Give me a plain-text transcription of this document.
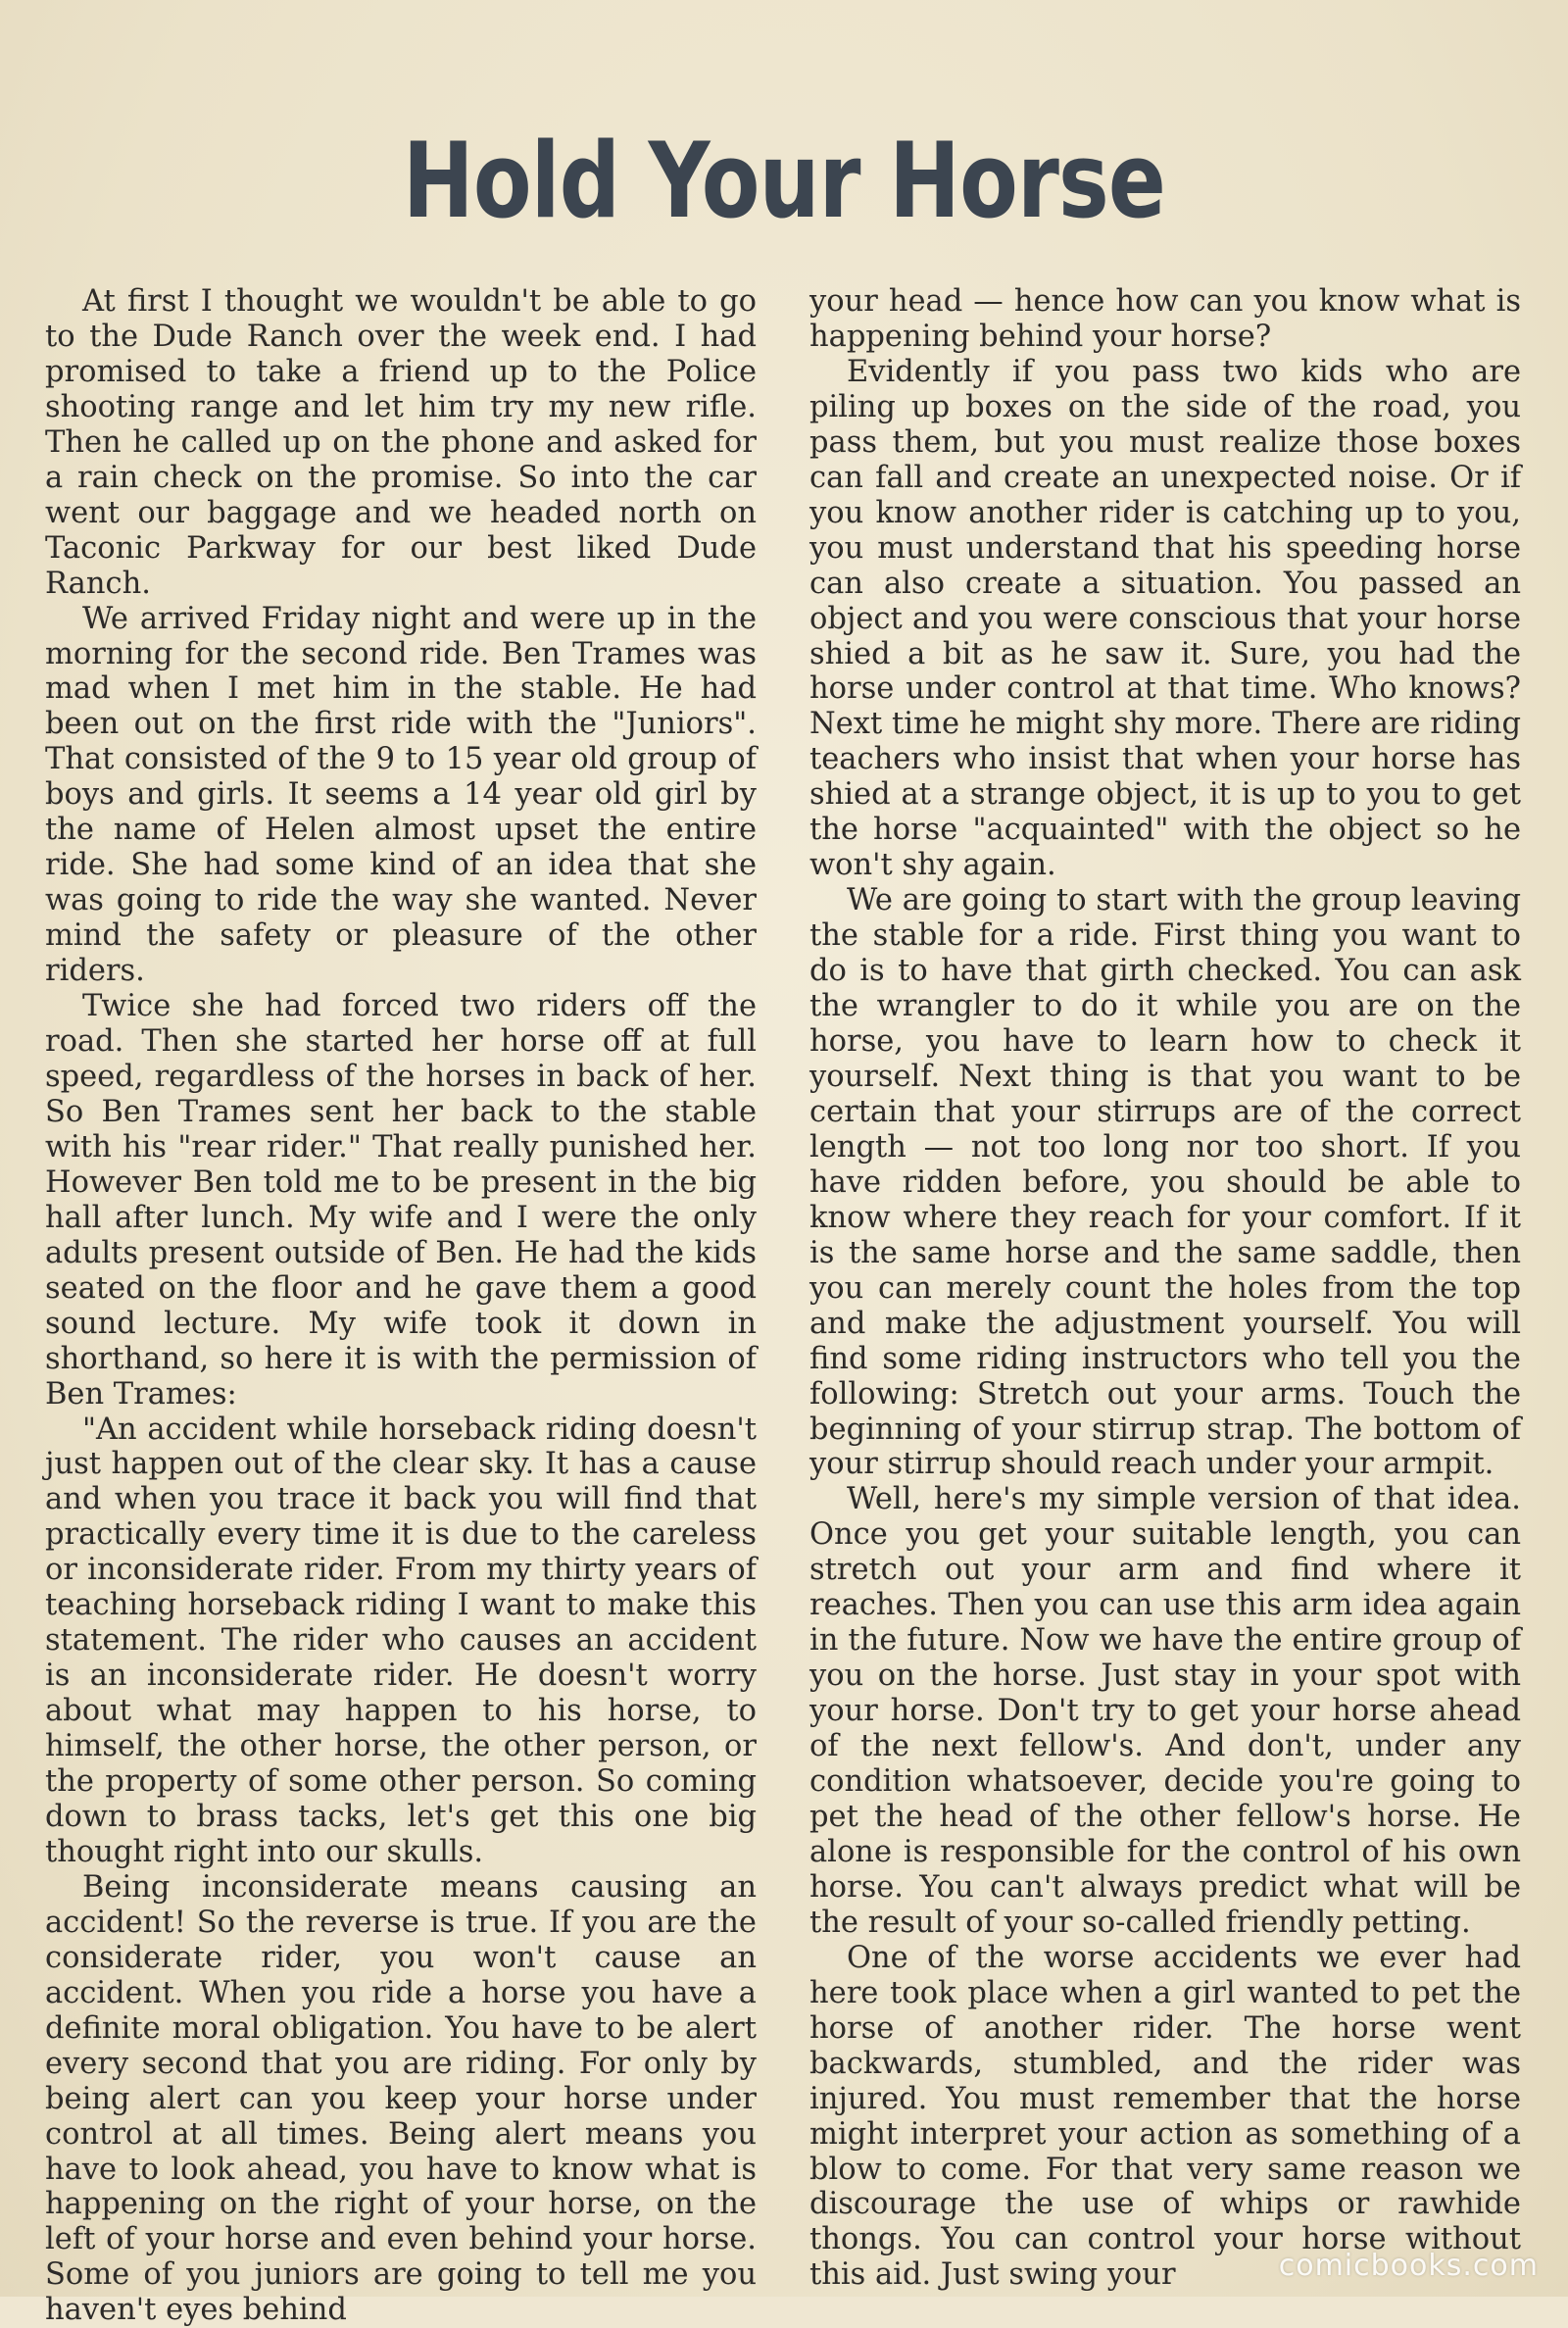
Hold Your Horse

At first I thought we wouldn't be able to go to the Dude Ranch over the week end. I had promised to take a friend up to the Police shooting range and let him try my new rifle. Then he called up on the phone and asked for a rain check on the promise. So into the car went our baggage and we headed north on Taconic Parkway for our best liked Dude Ranch.

We arrived Friday night and were up in the morning for the second ride. Ben Trames was mad when I met him in the stable. He had been out on the first ride with the "Juniors". That consisted of the 9 to 15 year old group of boys and girls. It seems a 14 year old girl by the name of Helen almost upset the entire ride. She had some kind of an idea that she was going to ride the way she wanted. Never mind the safety or pleasure of the other riders.

Twice she had forced two riders off the road. Then she started her horse off at full speed, regardless of the horses in back of her. So Ben Trames sent her back to the stable with his "rear rider." That really punished her. However Ben told me to be present in the big hall after lunch. My wife and I were the only adults present outside of Ben. He had the kids seated on the floor and he gave them a good sound lecture. My wife took it down in shorthand, so here it is with the permission of Ben Trames:

"An accident while horseback riding doesn't just happen out of the clear sky. It has a cause and when you trace it back you will find that practically every time it is due to the careless or inconsiderate rider. From my thirty years of teaching horseback riding I want to make this statement. The rider who causes an accident is an inconsiderate rider. He doesn't worry about what may happen to his horse, to himself, the other horse, the other person, or the property of some other person. So coming down to brass tacks, let's get this one big thought right into our skulls.

Being inconsiderate means causing an accident! So the reverse is true. If you are the considerate rider, you won't cause an accident. When you ride a horse you have a definite moral obligation. You have to be alert every second that you are riding. For only by being alert can you keep your horse under control at all times. Being alert means you have to look ahead, you have to know what is happening on the right of your horse, on the left of your horse and even behind your horse. Some of you juniors are going to tell me you haven't eyes behind

your head — hence how can you know what is happening behind your horse?

Evidently if you pass two kids who are piling up boxes on the side of the road, you pass them, but you must realize those boxes can fall and create an unexpected noise. Or if you know another rider is catching up to you, you must understand that his speeding horse can also create a situation. You passed an object and you were conscious that your horse shied a bit as he saw it. Sure, you had the horse under control at that time. Who knows? Next time he might shy more. There are riding teachers who insist that when your horse has shied at a strange object, it is up to you to get the horse "acquainted" with the object so he won't shy again.

We are going to start with the group leaving the stable for a ride. First thing you want to do is to have that girth checked. You can ask the wrangler to do it while you are on the horse, you have to learn how to check it yourself. Next thing is that you want to be certain that your stirrups are of the correct length — not too long nor too short. If you have ridden before, you should be able to know where they reach for your comfort. If it is the same horse and the same saddle, then you can merely count the holes from the top and make the adjustment yourself. You will find some riding instructors who tell you the following: Stretch out your arms. Touch the beginning of your stirrup strap. The bottom of your stirrup should reach under your armpit.

Well, here's my simple version of that idea. Once you get your suitable length, you can stretch out your arm and find where it reaches. Then you can use this arm idea again in the future. Now we have the entire group of you on the horse. Just stay in your spot with your horse. Don't try to get your horse ahead of the next fellow's. And don't, under any condition whatsoever, decide you're going to pet the head of the other fellow's horse. He alone is responsible for the control of his own horse. You can't always predict what will be the result of your so-called friendly petting.

One of the worse accidents we ever had here took place when a girl wanted to pet the horse of another rider. The horse went backwards, stumbled, and the rider was injured. You must remember that the horse might interpret your action as something of a blow to come. For that very same reason we discourage the use of whips or rawhide thongs. You can control your horse without this aid. Just swing your	comicbooks.com
